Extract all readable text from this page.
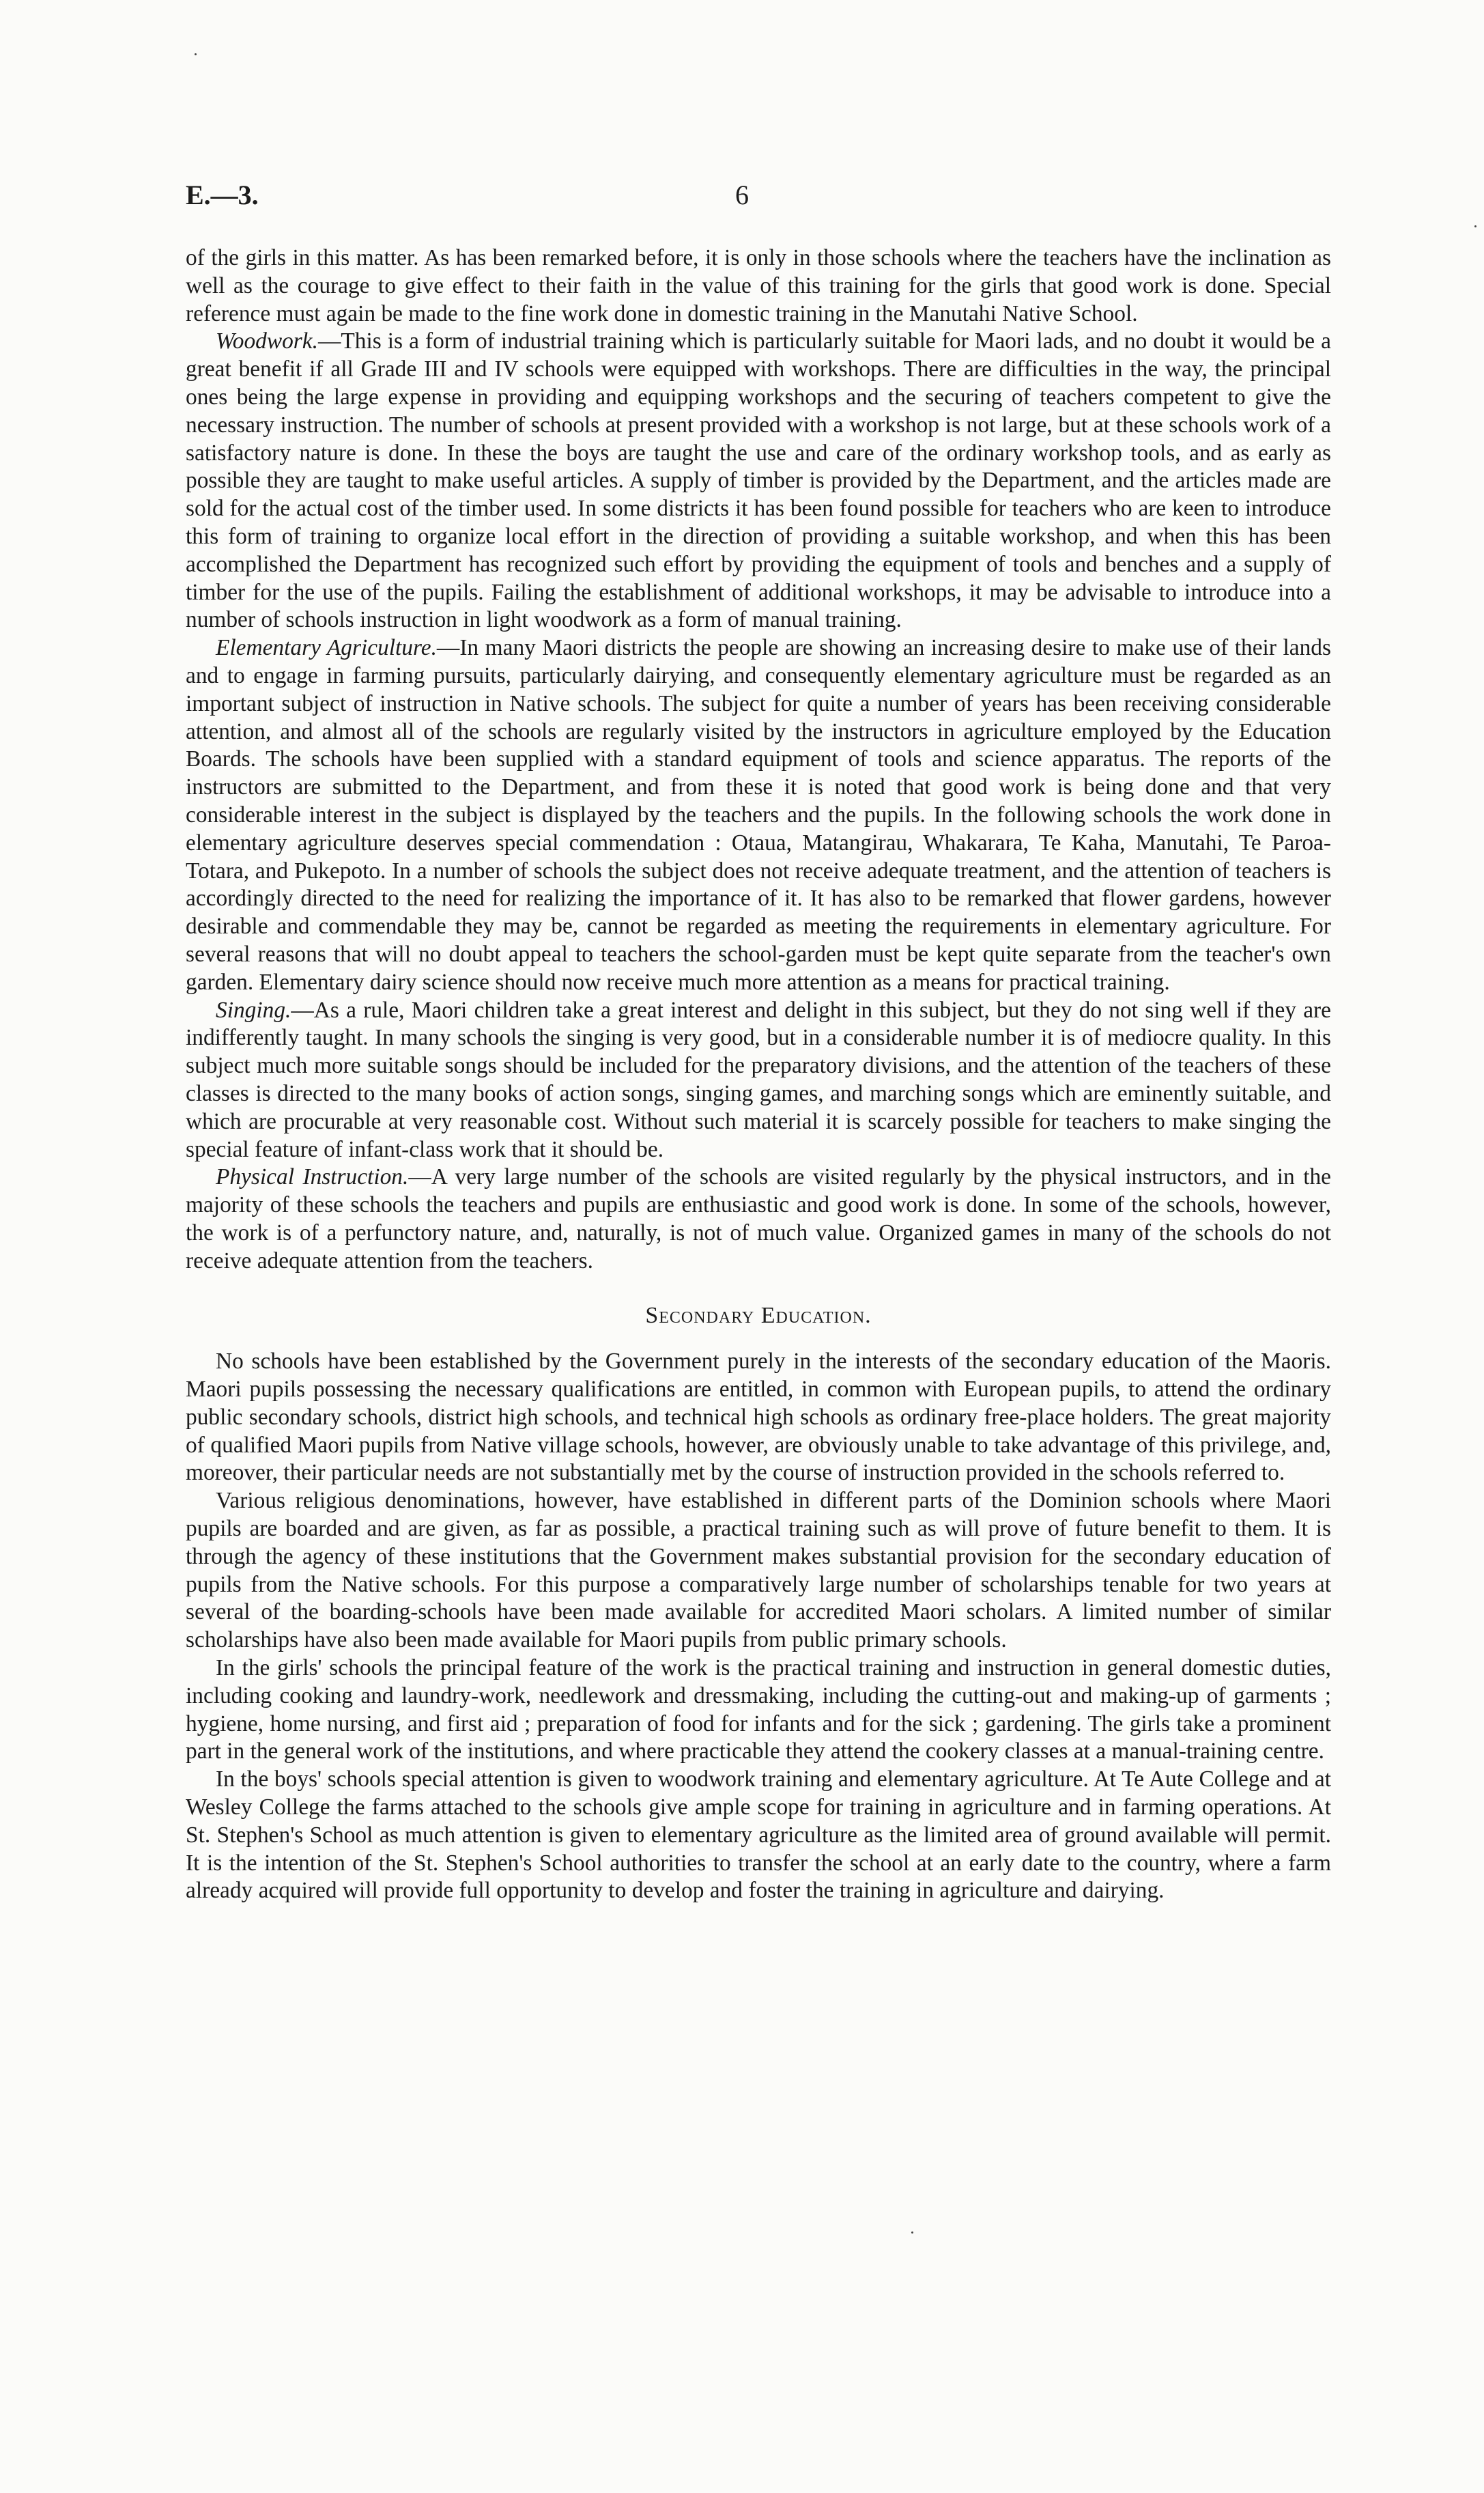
E.—3.	6

of the girls in this matter. As has been remarked before, it is only in those schools where the teachers have the inclination as well as the courage to give effect to their faith in the value of this training for the girls that good work is done. Special reference must again be made to the fine work done in domestic training in the Manutahi Native School.

Woodwork.—This is a form of industrial training which is particularly suitable for Maori lads, and no doubt it would be a great benefit if all Grade III and IV schools were equipped with workshops. There are difficulties in the way, the principal ones being the large expense in providing and equipping workshops and the securing of teachers competent to give the necessary instruction. The number of schools at present provided with a workshop is not large, but at these schools work of a satisfactory nature is done. In these the boys are taught the use and care of the ordinary workshop tools, and as early as possible they are taught to make useful articles. A supply of timber is provided by the Department, and the articles made are sold for the actual cost of the timber used. In some districts it has been found possible for teachers who are keen to introduce this form of training to organize local effort in the direction of providing a suitable workshop, and when this has been accomplished the Department has recognized such effort by providing the equipment of tools and benches and a supply of timber for the use of the pupils. Failing the establishment of additional workshops, it may be advisable to introduce into a number of schools instruction in light woodwork as a form of manual training.

Elementary Agriculture.—In many Maori districts the people are showing an increasing desire to make use of their lands and to engage in farming pursuits, particularly dairying, and consequently elementary agriculture must be regarded as an important subject of instruction in Native schools. The subject for quite a number of years has been receiving considerable attention, and almost all of the schools are regularly visited by the instructors in agriculture employed by the Education Boards. The schools have been supplied with a standard equipment of tools and science apparatus. The reports of the instructors are submitted to the Department, and from these it is noted that good work is being done and that very considerable interest in the subject is displayed by the teachers and the pupils. In the following schools the work done in elementary agriculture deserves special commendation : Otaua, Matangirau, Whakarara, Te Kaha, Manutahi, Te Paroa-Totara, and Pukepoto. In a number of schools the subject does not receive adequate treatment, and the attention of teachers is accordingly directed to the need for realizing the importance of it. It has also to be remarked that flower gardens, however desirable and commendable they may be, cannot be regarded as meeting the requirements in elementary agriculture. For several reasons that will no doubt appeal to teachers the school-garden must be kept quite separate from the teacher's own garden. Elementary dairy science should now receive much more attention as a means for practical training.

Singing.—As a rule, Maori children take a great interest and delight in this subject, but they do not sing well if they are indifferently taught. In many schools the singing is very good, but in a considerable number it is of mediocre quality. In this subject much more suitable songs should be included for the preparatory divisions, and the attention of the teachers of these classes is directed to the many books of action songs, singing games, and marching songs which are eminently suitable, and which are procurable at very reasonable cost. Without such material it is scarcely possible for teachers to make singing the special feature of infant-class work that it should be.

Physical Instruction.—A very large number of the schools are visited regularly by the physical instructors, and in the majority of these schools the teachers and pupils are enthusiastic and good work is done. In some of the schools, however, the work is of a perfunctory nature, and, naturally, is not of much value. Organized games in many of the schools do not receive adequate attention from the teachers.

Secondary Education.

No schools have been established by the Government purely in the interests of the secondary education of the Maoris. Maori pupils possessing the necessary qualifications are entitled, in common with European pupils, to attend the ordinary public secondary schools, district high schools, and technical high schools as ordinary free-place holders. The great majority of qualified Maori pupils from Native village schools, however, are obviously unable to take advantage of this privilege, and, moreover, their particular needs are not substantially met by the course of instruction provided in the schools referred to.

Various religious denominations, however, have established in different parts of the Dominion schools where Maori pupils are boarded and are given, as far as possible, a practical training such as will prove of future benefit to them. It is through the agency of these institutions that the Government makes substantial provision for the secondary education of pupils from the Native schools. For this purpose a comparatively large number of scholarships tenable for two years at several of the boarding-schools have been made available for accredited Maori scholars. A limited number of similar scholarships have also been made available for Maori pupils from public primary schools.

In the girls' schools the principal feature of the work is the practical training and instruction in general domestic duties, including cooking and laundry-work, needlework and dressmaking, including the cutting-out and making-up of garments ; hygiene, home nursing, and first aid ; preparation of food for infants and for the sick ; gardening. The girls take a prominent part in the general work of the institutions, and where practicable they attend the cookery classes at a manual-training centre.

In the boys' schools special attention is given to woodwork training and elementary agriculture. At Te Aute College and at Wesley College the farms attached to the schools give ample scope for training in agriculture and in farming operations. At St. Stephen's School as much attention is given to elementary agriculture as the limited area of ground available will permit. It is the intention of the St. Stephen's School authorities to transfer the school at an early date to the country, where a farm already acquired will provide full opportunity to develop and foster the training in agriculture and dairying.
